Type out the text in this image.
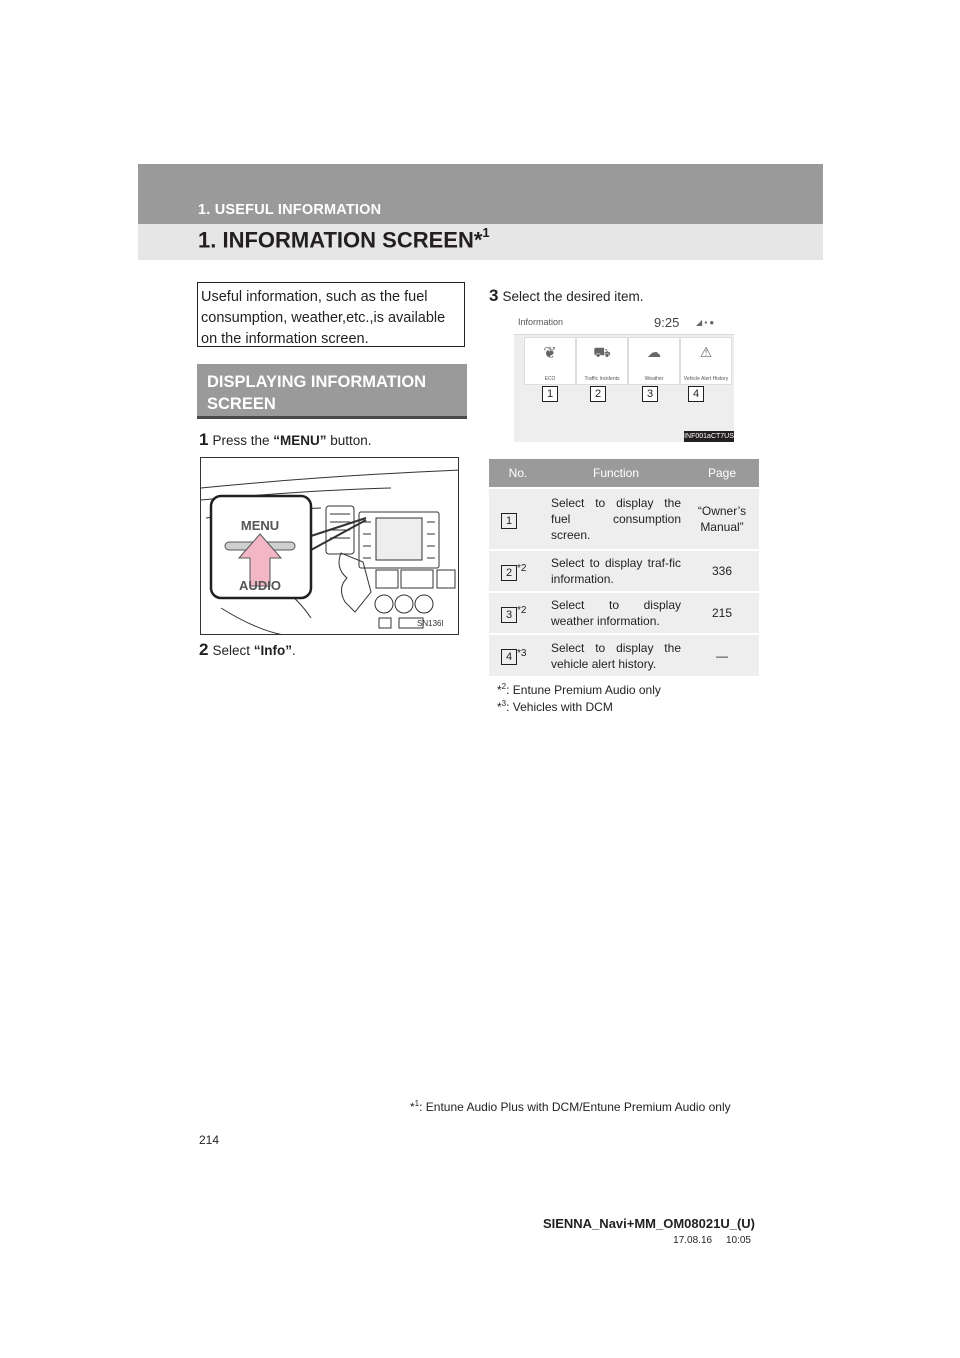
1. USEFUL INFORMATION
1. INFORMATION SCREEN*$^1$
Useful information, such as the fuel
consumption, weather,etc.,is available
on the information screen.
DISPLAYING INFORMATION
SCREEN
1 Press the “MENU” button.
MENU
AUDIO
SN136I
2 Select “Info”.
3 Select the desired item.
Information	9:25 ◢ ▪ ●
❦
ECO
⛟
Traffic Incidents
☁
Weather
⚠
Vehicle Alert History
1	2	3	4
INF001aCT7US
No.	Function	Page
1	Select to display the fuel consumption screen.	“Owner’s Manual”
2 $^{*2}$	Select to display traf-fic information.	336
3 $^{*2}$	Select to display weather information.	215
4 $^{*3}$	Select to display the vehicle alert history.	—
*$^2$: Entune Premium Audio only
*$^3$: Vehicles with DCM
*$^1$: Entune Audio Plus with DCM/Entune Premium Audio only
214
SIENNA_Navi+MM_OM08021U_(U)
17.08.16     10:05
